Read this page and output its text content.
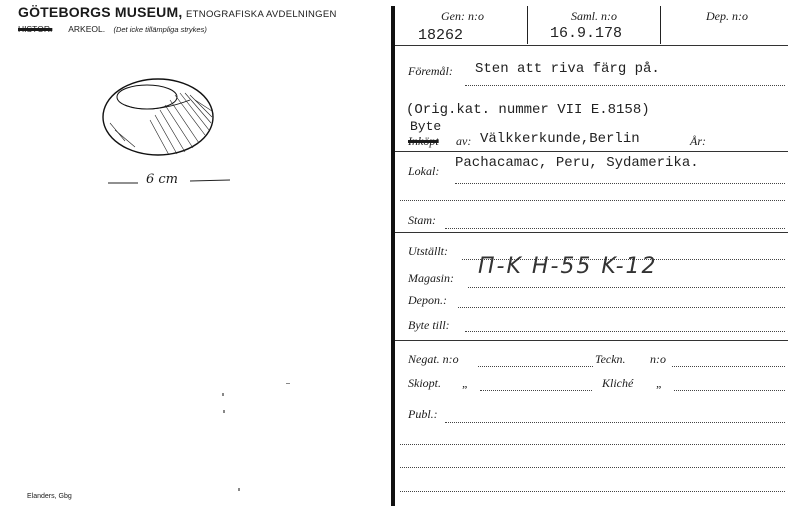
GÖTEBORGS MUSEUM, ETNOGRAFISKA AVDELNINGEN
HISTOR. ARKEOL. (Det icke tillämpliga strykes)
6 cm
Elanders, Gbg
Gen: n:o
18262
Saml. n:o
16.9.178
Dep. n:o
Föremål: Sten att riva färg på.
(Orig.kat. nummer VII E.8158)
Byte
Inköpt av: Välkkerkunde,Berlin	År:
Lokal: Pachacamac, Peru, Sydamerika.
Stam:
Utställt:
Magasin: Π-K H-55 K-12
Depon.:
Byte till:
Negat. n:o	Teckn. n:o
Skiopt. „	Kliché „
Publ.:
